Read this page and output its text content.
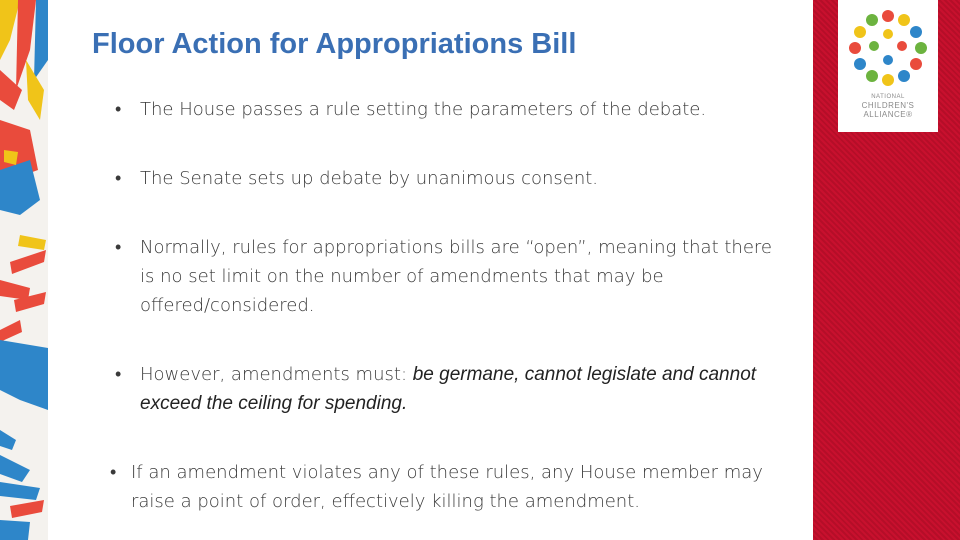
NATIONAL
CHILDREN'S
ALLIANCE®
Floor Action for Appropriations Bill
•	The House passes a rule setting the parameters of the debate.
•	The Senate sets up debate by unanimous consent.
•	Normally, rules for appropriations bills are “open”, meaning that there is no set limit on the number of amendments that may be offered/considered.
•	However, amendments must: be germane, cannot legislate and cannot exceed the ceiling for spending.
• If an amendment violates any of these rules, any House member may raise a point of order, effectively killing the amendment.
